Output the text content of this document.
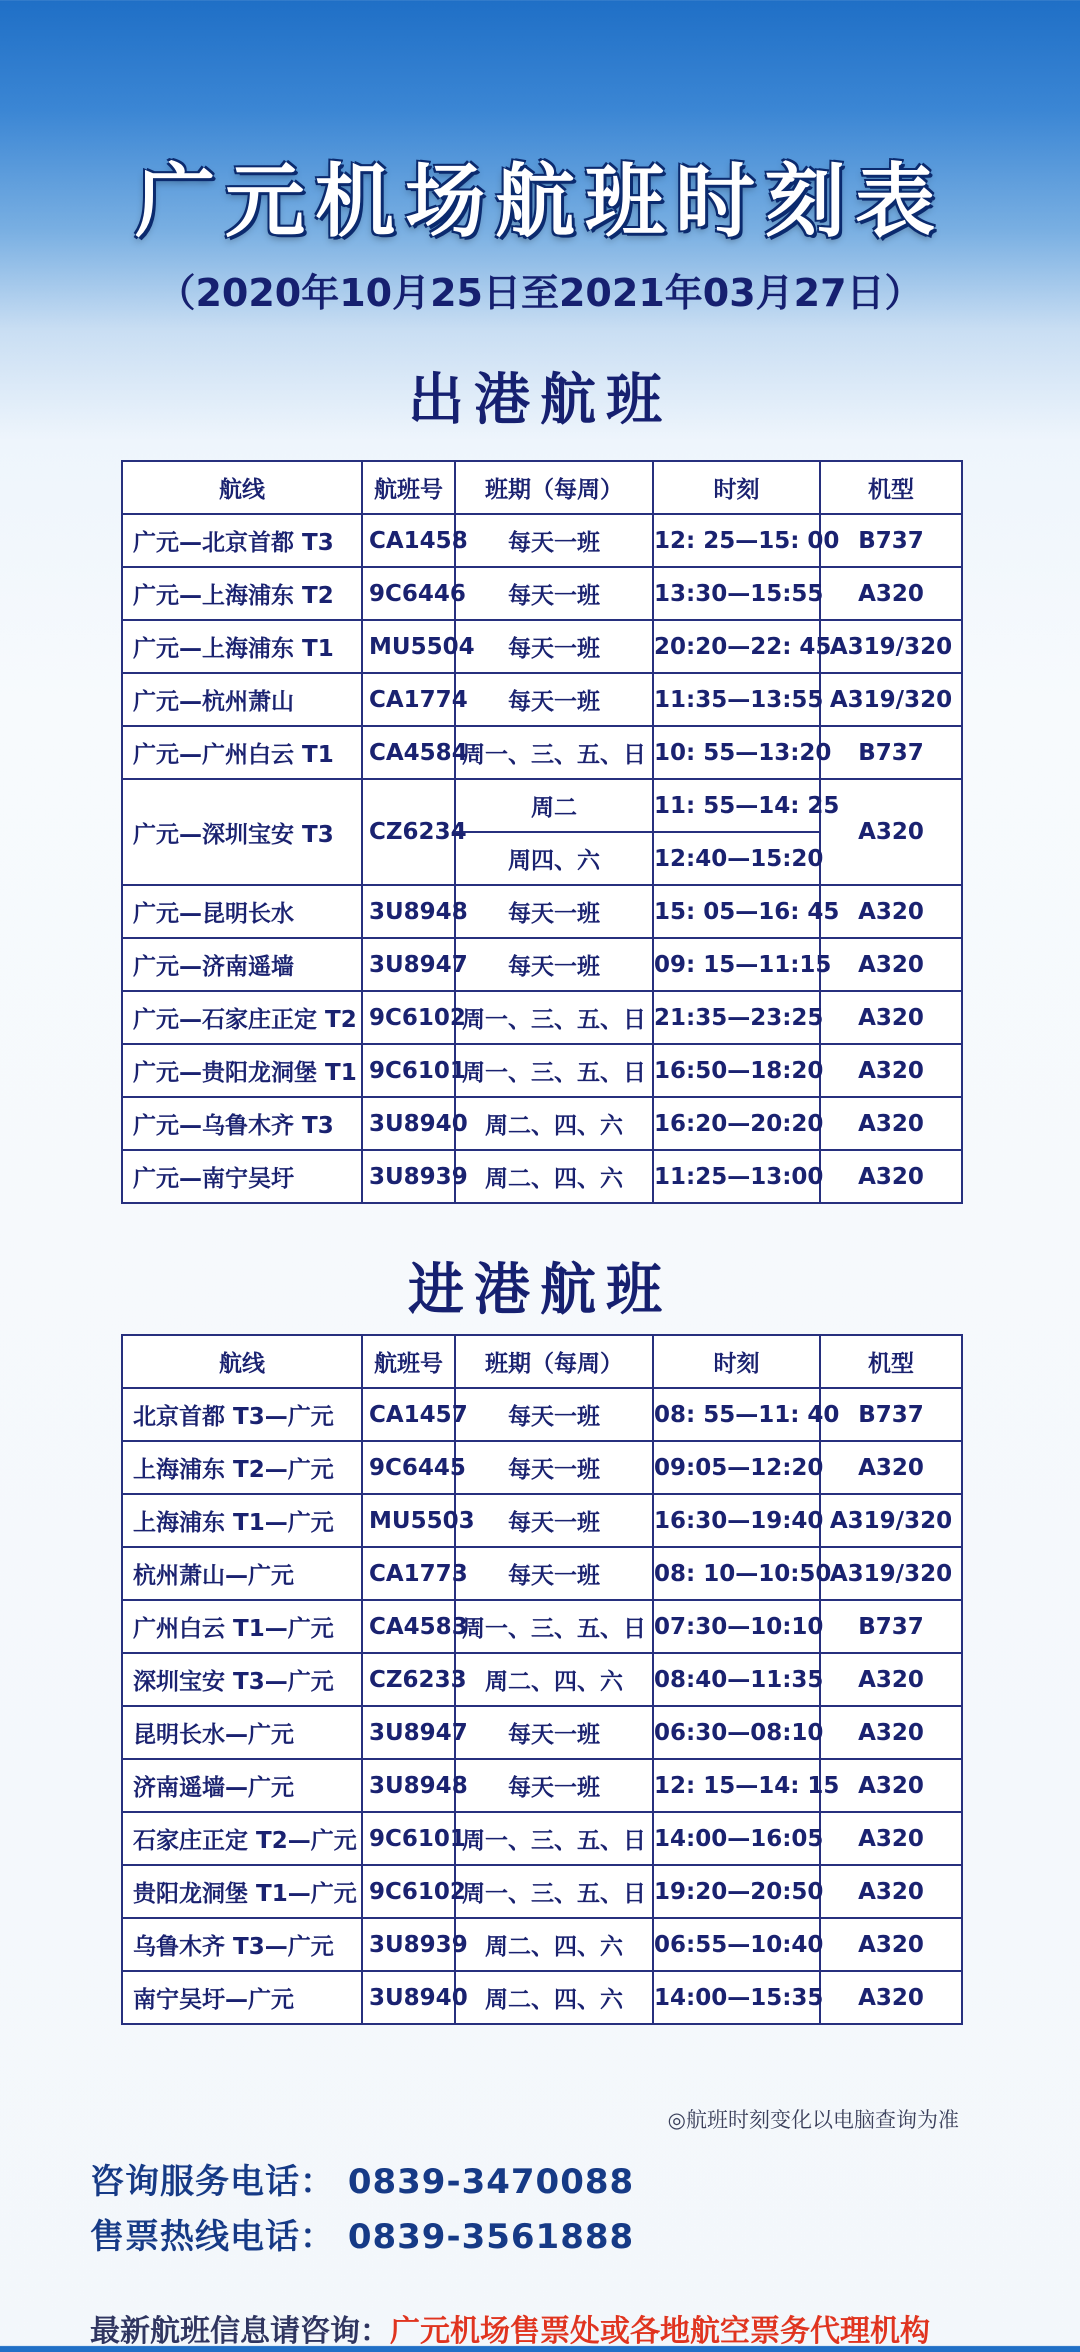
广元机场航班时刻表
（2020年10月25日至2021年03月27日）
出港航班
航线	航班号	班期（每周）	时刻	机型
广元—北京首都 T3	CA1458	每天一班	12: 25—15: 00	B737
广元—上海浦东 T2	9C6446	每天一班	13:30—15:55	A320
广元—上海浦东 T1	MU5504	每天一班	20:20—22: 45	A319/320
广元—杭州萧山	CA1774	每天一班	11:35—13:55	A319/320
广元—广州白云 T1	CA4584	周一、三、五、日	10: 55—13:20	B737
广元—深圳宝安 T3	CZ6234	周二	11: 55—14: 25	A320
		周四、六	12:40—15:20	
广元—昆明长水	3U8948	每天一班	15: 05—16: 45	A320
广元—济南遥墙	3U8947	每天一班	09: 15—11:15	A320
广元—石家庄正定 T2	9C6102	周一、三、五、日	21:35—23:25	A320
广元—贵阳龙洞堡 T1	9C6101	周一、三、五、日	16:50—18:20	A320
广元—乌鲁木齐 T3	3U8940	周二、四、六	16:20—20:20	A320
广元—南宁吴圩	3U8939	周二、四、六	11:25—13:00	A320
进港航班
航线	航班号	班期（每周）	时刻	机型
北京首都 T3—广元	CA1457	每天一班	08: 55—11: 40	B737
上海浦东 T2—广元	9C6445	每天一班	09:05—12:20	A320
上海浦东 T1—广元	MU5503	每天一班	16:30—19:40	A319/320
杭州萧山—广元	CA1773	每天一班	08: 10—10:50	A319/320
广州白云 T1—广元	CA4583	周一、三、五、日	07:30—10:10	B737
深圳宝安 T3—广元	CZ6233	周二、四、六	08:40—11:35	A320
昆明长水—广元	3U8947	每天一班	06:30—08:10	A320
济南遥墙—广元	3U8948	每天一班	12: 15—14: 15	A320
石家庄正定 T2—广元	9C6101	周一、三、五、日	14:00—16:05	A320
贵阳龙洞堡 T1—广元	9C6102	周一、三、五、日	19:20—20:50	A320
乌鲁木齐 T3—广元	3U8939	周二、四、六	06:55—10:40	A320
南宁吴圩—广元	3U8940	周二、四、六	14:00—15:35	A320
◎航班时刻变化以电脑查询为准
咨询服务电话： 0839-3470088
售票热线电话： 0839-3561888
最新航班信息请咨询：广元机场售票处或各地航空票务代理机构
